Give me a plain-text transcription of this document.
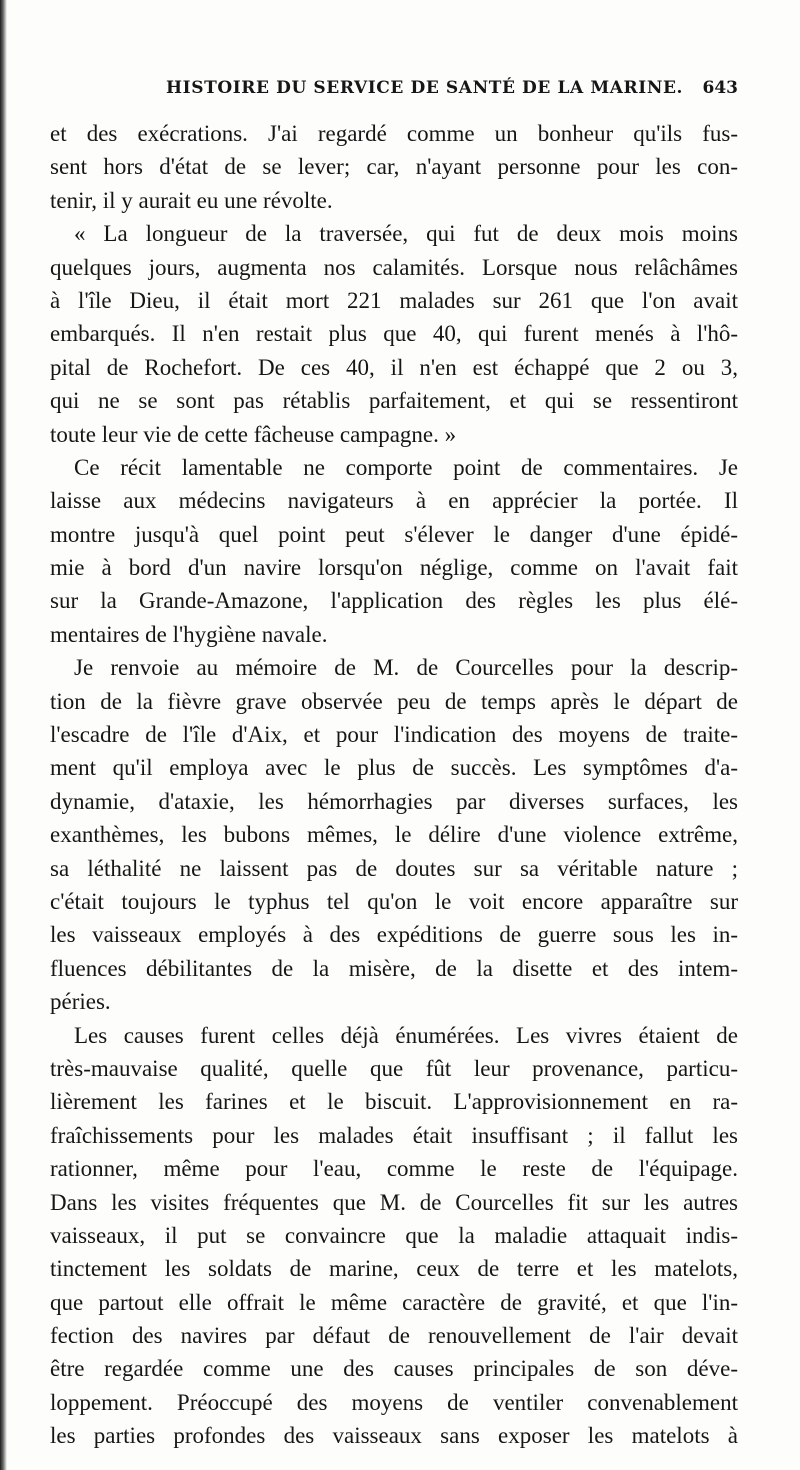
HISTOIRE DU SERVICE DE SANTÉ DE LA MARINE. 643
et des exécrations. J'ai regardé comme un bonheur qu'ils fus-
sent hors d'état de se lever; car, n'ayant personne pour les con-
tenir, il y aurait eu une révolte.
« La longueur de la traversée, qui fut de deux mois moins
quelques jours, augmenta nos calamités. Lorsque nous relâchâmes
à l'île Dieu, il était mort 221 malades sur 261 que l'on avait
embarqués. Il n'en restait plus que 40, qui furent menés à l'hô-
pital de Rochefort. De ces 40, il n'en est échappé que 2 ou 3,
qui ne se sont pas rétablis parfaitement, et qui se ressentiront
toute leur vie de cette fâcheuse campagne. »
Ce récit lamentable ne comporte point de commentaires. Je
laisse aux médecins navigateurs à en apprécier la portée. Il
montre jusqu'à quel point peut s'élever le danger d'une épidé-
mie à bord d'un navire lorsqu'on néglige, comme on l'avait fait
sur la Grande-Amazone, l'application des règles les plus élé-
mentaires de l'hygiène navale.
Je renvoie au mémoire de M. de Courcelles pour la descrip-
tion de la fièvre grave observée peu de temps après le départ de
l'escadre de l'île d'Aix, et pour l'indication des moyens de traite-
ment qu'il employa avec le plus de succès. Les symptômes d'a-
dynamie, d'ataxie, les hémorrhagies par diverses surfaces, les
exanthèmes, les bubons mêmes, le délire d'une violence extrême,
sa léthalité ne laissent pas de doutes sur sa véritable nature ;
c'était toujours le typhus tel qu'on le voit encore apparaître sur
les vaisseaux employés à des expéditions de guerre sous les in-
fluences débilitantes de la misère, de la disette et des intem-
péries.
Les causes furent celles déjà énumérées. Les vivres étaient de
très-mauvaise qualité, quelle que fût leur provenance, particu-
lièrement les farines et le biscuit. L'approvisionnement en ra-
fraîchissements pour les malades était insuffisant ; il fallut les
rationner, même pour l'eau, comme le reste de l'équipage.
Dans les visites fréquentes que M. de Courcelles fit sur les autres
vaisseaux, il put se convaincre que la maladie attaquait indis-
tinctement les soldats de marine, ceux de terre et les matelots,
que partout elle offrait le même caractère de gravité, et que l'in-
fection des navires par défaut de renouvellement de l'air devait
être regardée comme une des causes principales de son déve-
loppement. Préoccupé des moyens de ventiler convenablement
les parties profondes des vaisseaux sans exposer les matelots à
